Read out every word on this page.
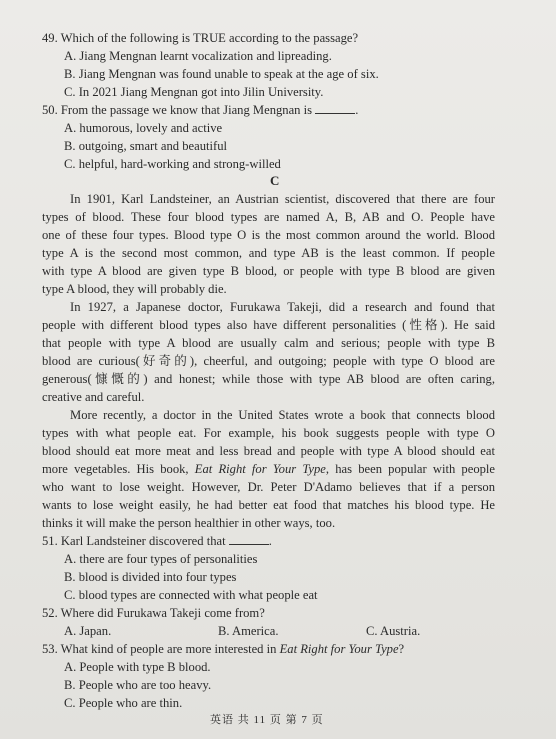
49. Which of the following is TRUE according to the passage?
A. Jiang Mengnan learnt vocalization and lipreading.
B. Jiang Mengnan was found unable to speak at the age of six.
C. In 2021 Jiang Mengnan got into Jilin University.
50. From the passage we know that Jiang Mengnan is	.
A. humorous, lovely and active
B. outgoing, smart and beautiful
C. helpful, hard-working and strong-willed
C
In 1901, Karl Landsteiner, an Austrian scientist, discovered that there are four
types of blood. These four blood types are named A, B, AB and O. People have
one of these four types. Blood type O is the most common around the world. Blood
type A is the second most common, and type AB is the least common. If people
with type A blood are given type B blood, or people with type B blood are given
type A blood, they will probably die.
In 1927, a Japanese doctor, Furukawa Takeji, did a research and found that
people with different blood types also have different personalities (性格). He said
that people with type A blood are usually calm and serious; people with type B
blood are curious(好奇的), cheerful, and outgoing; people with type O blood are
generous(慷慨的) and honest; while those with type AB blood are often caring,
creative and careful.
More recently, a doctor in the United States wrote a book that connects blood
types with what people eat. For example, his book suggests people with type O
blood should eat more meat and less bread and people with type A blood should eat
more vegetables. His book, Eat Right for Your Type, has been popular with people
who want to lose weight. However, Dr. Peter D'Adamo believes that if a person
wants to lose weight easily, he had better eat food that matches his blood type. He
thinks it will make the person healthier in other ways, too.
51. Karl Landsteiner discovered that	.
A. there are four types of personalities
B. blood is divided into four types
C. blood types are connected with what people eat
52. Where did Furukawa Takeji come from?
A. Japan.	B. America.	C. Austria.
53. What kind of people are more interested in Eat Right for Your Type?
A. People with type B blood.
B. People who are too heavy.
C. People who are thin.
英语 共 11 页 第 7 页
